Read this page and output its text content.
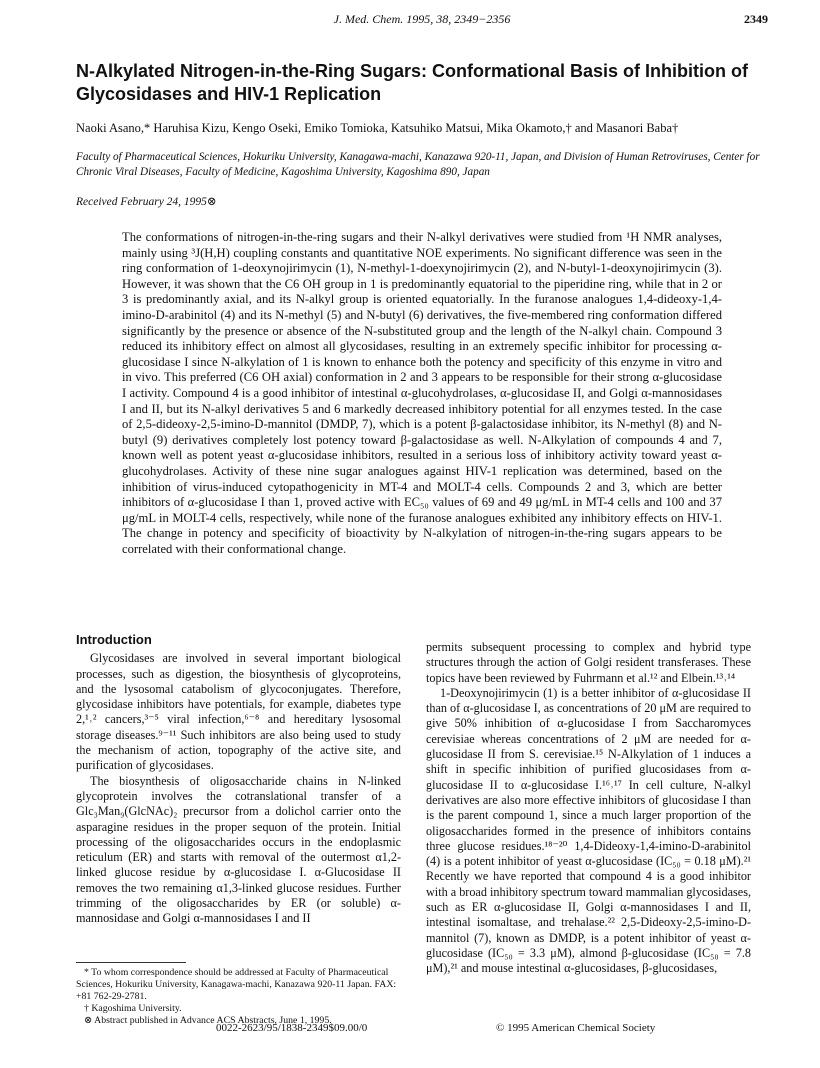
J. Med. Chem. 1995, 38, 2349−2356	2349
N-Alkylated Nitrogen-in-the-Ring Sugars: Conformational Basis of Inhibition of Glycosidases and HIV-1 Replication

Naoki Asano,* Haruhisa Kizu, Kengo Oseki, Emiko Tomioka, Katsuhiko Matsui, Mika Okamoto,† and Masanori Baba†

Faculty of Pharmaceutical Sciences, Hokuriku University, Kanagawa-machi, Kanazawa 920-11, Japan, and Division of Human Retroviruses, Center for Chronic Viral Diseases, Faculty of Medicine, Kagoshima University, Kagoshima 890, Japan

Received February 24, 1995⊗

The conformations of nitrogen-in-the-ring sugars and their N-alkyl derivatives were studied from ¹H NMR analyses, mainly using ³J(H,H) coupling constants and quantitative NOE experiments. No significant difference was seen in the ring conformation of 1-deoxynojirimycin (1), N-methyl-1-doexynojirimycin (2), and N-butyl-1-deoxynojirimycin (3). However, it was shown that the C6 OH group in 1 is predominantly equatorial to the piperidine ring, while that in 2 or 3 is predominantly axial, and its N-alkyl group is oriented equatorially. In the furanose analogues 1,4-dideoxy-1,4-imino-D-arabinitol (4) and its N-methyl (5) and N-butyl (6) derivatives, the five-membered ring conformation differed significantly by the presence or absence of the N-substituted group and the length of the N-alkyl chain. Compound 3 reduced its inhibitory effect on almost all glycosidases, resulting in an extremely specific inhibitor for processing α-glucosidase I since N-alkylation of 1 is known to enhance both the potency and specificity of this enzyme in vitro and in vivo. This preferred (C6 OH axial) conformation in 2 and 3 appears to be responsible for their strong α-glucosidase I activity. Compound 4 is a good inhibitor of intestinal α-glucohydrolases, α-glucosidase II, and Golgi α-mannosidases I and II, but its N-alkyl derivatives 5 and 6 markedly decreased inhibitory potential for all enzymes tested. In the case of 2,5-dideoxy-2,5-imino-D-mannitol (DMDP, 7), which is a potent β-galactosidase inhibitor, its N-methyl (8) and N-butyl (9) derivatives completely lost potency toward β-galactosidase as well. N-Alkylation of compounds 4 and 7, known well as potent yeast α-glucosidase inhibitors, resulted in a serious loss of inhibitory activity toward yeast α-glucohydrolases. Activity of these nine sugar analogues against HIV-1 replication was determined, based on the inhibition of virus-induced cytopathogenicity in MT-4 and MOLT-4 cells. Compounds 2 and 3, which are better inhibitors of α-glucosidase I than 1, proved active with EC₅₀ values of 69 and 49 μg/mL in MT-4 cells and 100 and 37 μg/mL in MOLT-4 cells, respectively, while none of the furanose analogues exhibited any inhibitory effects on HIV-1. The change in potency and specificity of bioactivity by N-alkylation of nitrogen-in-the-ring sugars appears to be correlated with their conformational change.

Introduction

Glycosidases are involved in several important biological processes, such as digestion, the biosynthesis of glycoproteins, and the lysosomal catabolism of glycoconjugates. Therefore, glycosidase inhibitors have potentials, for example, diabetes type 2,¹˒² cancers,³⁻⁵ viral infection,⁶⁻⁸ and hereditary lysosomal storage diseases.⁹⁻¹¹ Such inhibitors are also being used to study the mechanism of action, topography of the active site, and purification of glycosidases.

The biosynthesis of oligosaccharide chains in N-linked glycoprotein involves the cotranslational transfer of a Glc₃Man₉(GlcNAc)₂ precursor from a dolichol carrier onto the asparagine residues in the proper sequon of the protein. Initial processing of the oligosaccharides occurs in the endoplasmic reticulum (ER) and starts with removal of the outermost α1,2-linked glucose residue by α-glucosidase I. α-Glucosidase II removes the two remaining α1,3-linked glucose residues. Further trimming of the oligosaccharides by ER (or soluble) α-mannosidase and Golgi α-mannosidases I and II

permits subsequent processing to complex and hybrid type structures through the action of Golgi resident transferases. These topics have been reviewed by Fuhrmann et al.¹² and Elbein.¹³˒¹⁴

1-Deoxynojirimycin (1) is a better inhibitor of α-glucosidase II than of α-glucosidase I, as concentrations of 20 μM are required to give 50% inhibition of α-glucosidase I from Saccharomyces cerevisiae whereas concentrations of 2 μM are needed for α-glucosidase II from S. cerevisiae.¹⁵ N-Alkylation of 1 induces a shift in specific inhibition of purified glucosidases from α-glucosidase II to α-glucosidase I.¹⁶˒¹⁷ In cell culture, N-alkyl derivatives are also more effective inhibitors of glucosidase I than is the parent compound 1, since a much larger proportion of the oligosaccharides formed in the presence of inhibitors contains three glucose residues.¹⁸⁻²⁰ 1,4-Dideoxy-1,4-imino-D-arabinitol (4) is a potent inhibitor of yeast α-glucosidase (IC₅₀ = 0.18 μM).²¹ Recently we have reported that compound 4 is a good inhibitor with a broad inhibitory spectrum toward mammalian glycosidases, such as ER α-glucosidase II, Golgi α-mannosidases I and II, intestinal isomaltase, and trehalase.²² 2,5-Dideoxy-2,5-imino-D-mannitol (7), known as DMDP, is a potent inhibitor of yeast α-glucosidase (IC₅₀ = 3.3 μM), almond β-glucosidase (IC₅₀ = 7.8 μM),²¹ and mouse intestinal α-glucosidases, β-glucosidases,

* To whom correspondence should be addressed at Faculty of Pharmaceutical Sciences, Hokuriku University, Kanagawa-machi, Kanazawa 920-11 Japan. FAX: +81 762-29-2781.

† Kagoshima University.

⊗ Abstract published in Advance ACS Abstracts, June 1, 1995.

0022-2623/95/1838-2349$09.00/0	© 1995 American Chemical Society
